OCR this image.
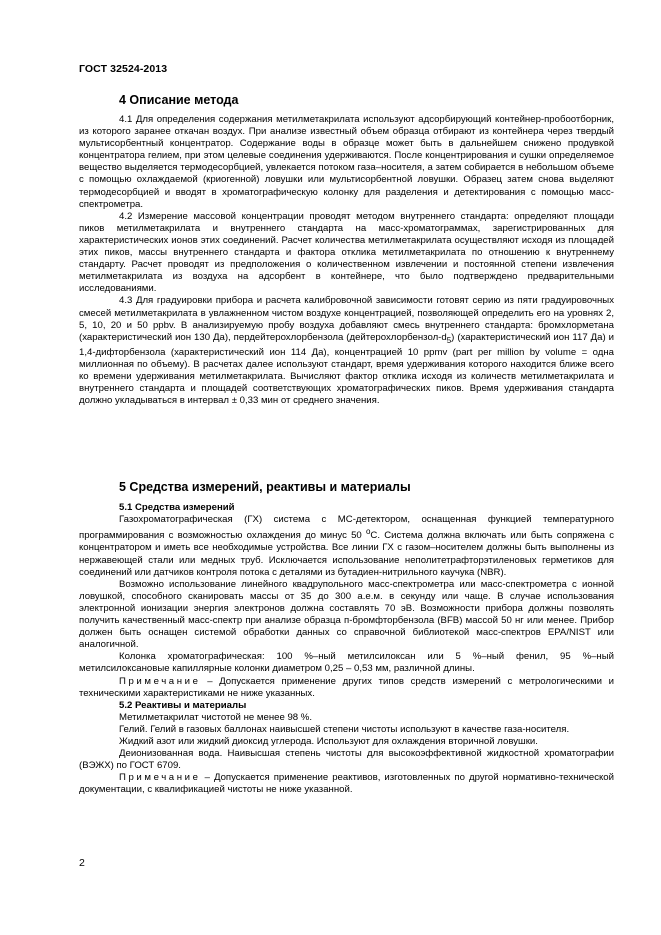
ГОСТ 32524-2013
4 Описание метода

4.1 Для определения содержания метилметакрилата используют адсорбирующий контейнер-пробоотборник, из которого заранее откачан воздух. При анализе известный объем образца отбирают из контейнера через твердый мультисорбентный концентратор. Содержание воды в образце может быть в дальнейшем снижено продувкой концентратора гелием, при этом целевые соединения удерживаются. После концентрирования и сушки определяемое вещество выделяется термодесорбцией, увлекается потоком газа–носителя, а затем собирается в небольшом объеме с помощью охлаждаемой (криогенной) ловушки или мультисорбентной ловушки. Образец затем снова выделяют термодесорбцией и вводят в хроматографическую колонку для разделения и детектирования с помощью масс-спектрометра.

4.2 Измерение массовой концентрации проводят методом внутреннего стандарта: определяют площади пиков метилметакрилата и внутреннего стандарта на масс-хроматограммах, зарегистрированных для характеристических ионов этих соединений. Расчет количества метилметакрилата осуществляют исходя из площадей этих пиков, массы внутреннего стандарта и фактора отклика метилметакрилата по отношению к внутреннему стандарту. Расчет проводят из предположения о количественном извлечении и постоянной степени извлечения метилметакрилата из воздуха на адсорбент в контейнере, что было подтверждено предварительными исследованиями.

4.3 Для градуировки прибора и расчета калибровочной зависимости готовят серию из пяти градуировочных смесей метилметакрилата в увлажненном чистом воздухе концентрацией, позволяющей определить его на уровнях 2, 5, 10, 20 и 50 ppbv. В анализируемую пробу воздуха добавляют смесь внутреннего стандарта: бромхлорметана (характеристический ион 130 Да), пердейтерохлорбензола $(дейтерохлорбензол-d_5)$ (характеристический ион 117 Да) и 1,4-дифторбензола (характеристический ион 114 Да), концентрацией 10 ppmv (part per million by volume = одна миллионная по объему). В расчетах далее используют стандарт, время удерживания которого находится ближе всего ко времени удерживания метилметакрилата. Вычисляют фактор отклика исходя из количеств метилметакрилата и внутреннего стандарта и площадей соответствующих хроматографических пиков. Время удерживания стандарта должно укладываться в интервал ± 0,33 мин от среднего значения.

5 Средства измерений, реактивы и материалы

5.1 Средства измерений

Газохроматографическая (ГХ) система с МС-детектором, оснащенная функцией температурного программирования с возможностью охлаждения до минус 50 $^о$С. Система должна включать или быть сопряжена с концентратором и иметь все необходимые устройства. Все линии ГХ с газом–носителем должны быть выполнены из нержавеющей стали или медных труб. Исключается использование неполитетрафторэтиленовых герметиков для соединений или датчиков контроля потока с деталями из бутадиен-нитрильного каучука (NBR).

Возможно использование линейного квадрупольного масс-спектрометра или масс-спектрометра с ионной ловушкой, способного сканировать массы от 35 до 300 а.е.м. в секунду или чаще. В случае использования электронной ионизации энергия электронов должна составлять 70 эВ. Возможности прибора должны позволять получить качественный масс-спектр при анализе образца п-бромфторбензола (BFB) массой 50 нг или менее. Прибор должен быть оснащен системой обработки данных со справочной библиотекой масс-спектров EPA/NIST или аналогичной.

Колонка хроматографическая: 100 %–ный метилсилоксан или 5 %–ный фенил, 95 %–ный метилсилоксановые капиллярные колонки диаметром 0,25 – 0,53 мм, различной длины.

Примечание – Допускается применение других типов средств измерений с метрологическими и техническими характеристиками не ниже указанных.

5.2 Реактивы и материалы

Метилметакрилат чистотой не менее 98 %.

Гелий. Гелий в газовых баллонах наивысшей степени чистоты используют в качестве газа-носителя.

Жидкий азот или жидкий диоксид углерода. Используют для охлаждения вторичной ловушки.

Деионизованная вода. Наивысшая степень чистоты для высокоэффективной жидкостной хроматографии (ВЭЖХ) по ГОСТ 6709.

Примечание – Допускается применение реактивов, изготовленных по другой нормативно-технической документации, с квалификацией чистоты не ниже указанной.

2
